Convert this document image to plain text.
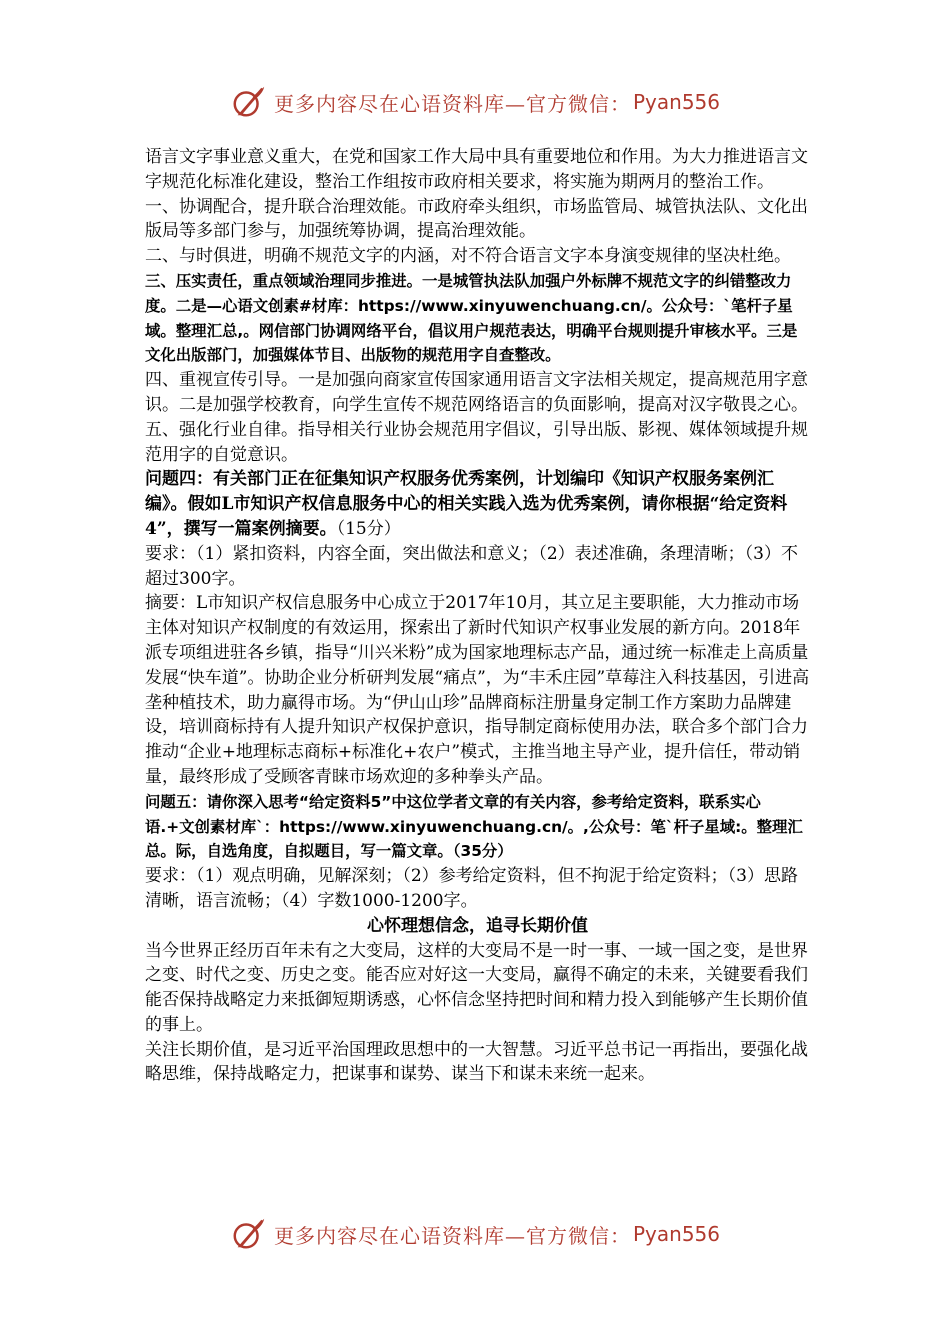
更多内容尽在心语资料库—官方微信： Pyan556

语言文字事业意义重大，在党和国家工作大局中具有重要地位和作用。为大力推进语言文字规范化标准化建设，整治工作组按市政府相关要求，将实施为期两月的整治工作。

一、协调配合，提升联合治理效能。市政府牵头组织，市场监管局、城管执法队、文化出版局等多部门参与，加强统筹协调，提高治理效能。

二、与时俱进，明确不规范文字的内涵，对不符合语言文字本身演变规律的坚决杜绝。

三、压实责任，重点领域治理同步推进。一是城管执法队加强户外标牌不规范文字的纠错整改力度。二是—心语文创素#材库：https://www.xinyuwenchuang.cn/。公众号：`笔杆子星域。整理汇总,。网信部门协调网络平台，倡议用户规范表达，明确平台规则提升审核水平。三是文化出版部门，加强媒体节目、出版物的规范用字自查整改。

四、重视宣传引导。一是加强向商家宣传国家通用语言文字法相关规定，提高规范用字意识。二是加强学校教育，向学生宣传不规范网络语言的负面影响，提高对汉字敬畏之心。

五、强化行业自律。指导相关行业协会规范用字倡议，引导出版、影视、媒体领域提升规范用字的自觉意识。

问题四：有关部门正在征集知识产权服务优秀案例，计划编印《知识产权服务案例汇编》。假如L市知识产权信息服务中心的相关实践入选为优秀案例，请你根据“给定资料4”，撰写一篇案例摘要。（15分）

要求：（1）紧扣资料，内容全面，突出做法和意义；（2）表述准确，条理清晰；（3）不超过300字。

摘要：L市知识产权信息服务中心成立于2017年10月，其立足主要职能，大力推动市场主体对知识产权制度的有效运用，探索出了新时代知识产权事业发展的新方向。2018年派专项组进驻各乡镇，指导“川兴米粉”成为国家地理标志产品，通过统一标准走上高质量发展“快车道”。协助企业分析研判发展“痛点”，为“丰禾庄园”草莓注入科技基因，引进高垄种植技术，助力赢得市场。为“伊山山珍”品牌商标注册量身定制工作方案助力品牌建设，培训商标持有人提升知识产权保护意识，指导制定商标使用办法，联合多个部门合力推动“企业+地理标志商标+标准化+农户”模式，主推当地主导产业，提升信任，带动销量，最终形成了受顾客青睐市场欢迎的多种拳头产品。

问题五：请你深入思考“给定资料5”中这位学者文章的有关内容，参考给定资料，联系实心语.+文创素材库`：https://www.xinyuwenchuang.cn/。,公众号：笔`杆子星域:。整理汇总。际，自选角度，自拟题目，写一篇文章。（35分）

要求：（1）观点明确，见解深刻；（2）参考给定资料，但不拘泥于给定资料；（3）思路清晰，语言流畅；（4）字数1000-1200字。

心怀理想信念，追寻长期价值

当今世界正经历百年未有之大变局，这样的大变局不是一时一事、一域一国之变，是世界之变、时代之变、历史之变。能否应对好这一大变局，赢得不确定的未来，关键要看我们能否保持战略定力来抵御短期诱惑，心怀信念坚持把时间和精力投入到能够产生长期价值的事上。

关注长期价值，是习近平治国理政思想中的一大智慧。习近平总书记一再指出，要强化战略思维，保持战略定力，把谋事和谋势、谋当下和谋未来统一起来。

更多内容尽在心语资料库—官方微信： Pyan556
